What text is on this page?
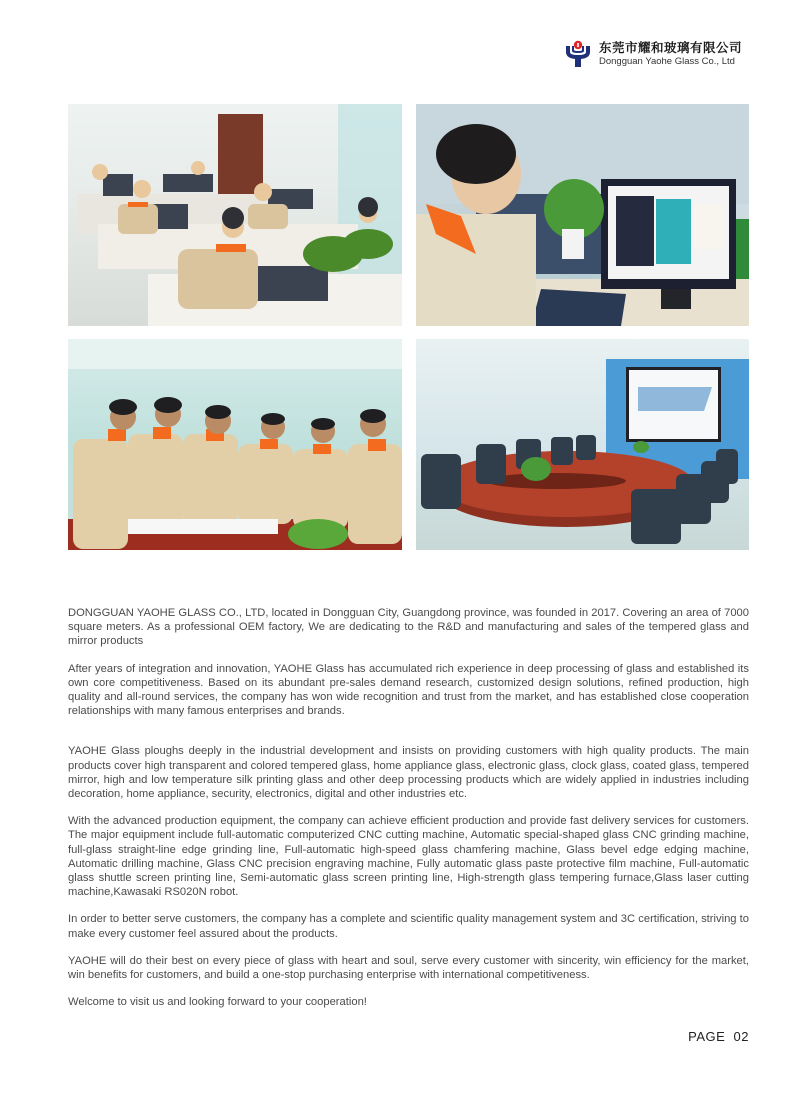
东莞市耀和玻璃有限公司
Dongguan Yaohe Glass Co., Ltd

DONGGUAN YAOHE GLASS CO., LTD, located in Dongguan City, Guangdong province, was founded in 2017. Covering an area of 7000 square meters. As a professional OEM factory, We are dedicating to the R&D and manufacturing and sales of the tempered glass and mirror products

After years of integration and innovation, YAOHE Glass has accumulated rich experience in deep processing of glass and established its own core competitiveness. Based on its abundant pre-sales demand research, customized design solutions, refined production, high quality and all-round services, the company has won wide recognition and trust from the market, and has established close cooperation relationships with many famous enterprises and brands.

YAOHE Glass ploughs deeply in the industrial development and insists on providing customers with high quality products. The main products cover high transparent and colored tempered glass, home appliance glass, electronic glass, clock glass, coated glass, tempered mirror, high and low temperature silk printing glass and other deep processing products which are widely applied in industries including decoration, home appliance, security, electronics, digital and other industries etc.

With the advanced production equipment, the company can achieve efficient production and provide fast delivery services for customers. The major equipment include full-automatic computerized CNC cutting machine, Automatic special-shaped glass CNC grinding machine, full-glass straight-line edge grinding line, Full-automatic high-speed glass chamfering machine, Glass bevel edge edging machine, Automatic drilling machine, Glass CNC precision engraving machine, Fully automatic glass paste protective film machine, Full-automatic glass shuttle screen printing line, Semi-automatic glass screen printing line, High-strength glass tempering furnace,Glass laser cutting machine,Kawasaki RS020N robot.

In order to better serve customers, the company has a complete and scientific quality management system and 3C certification, striving to make every customer feel assured about the products.

YAOHE will do their best on every piece of glass with heart and soul, serve every customer with sincerity, win efficiency for the market, win benefits for customers, and build a one-stop purchasing enterprise with international competitiveness.

Welcome to visit us and looking forward to your cooperation!

PAGE  02
